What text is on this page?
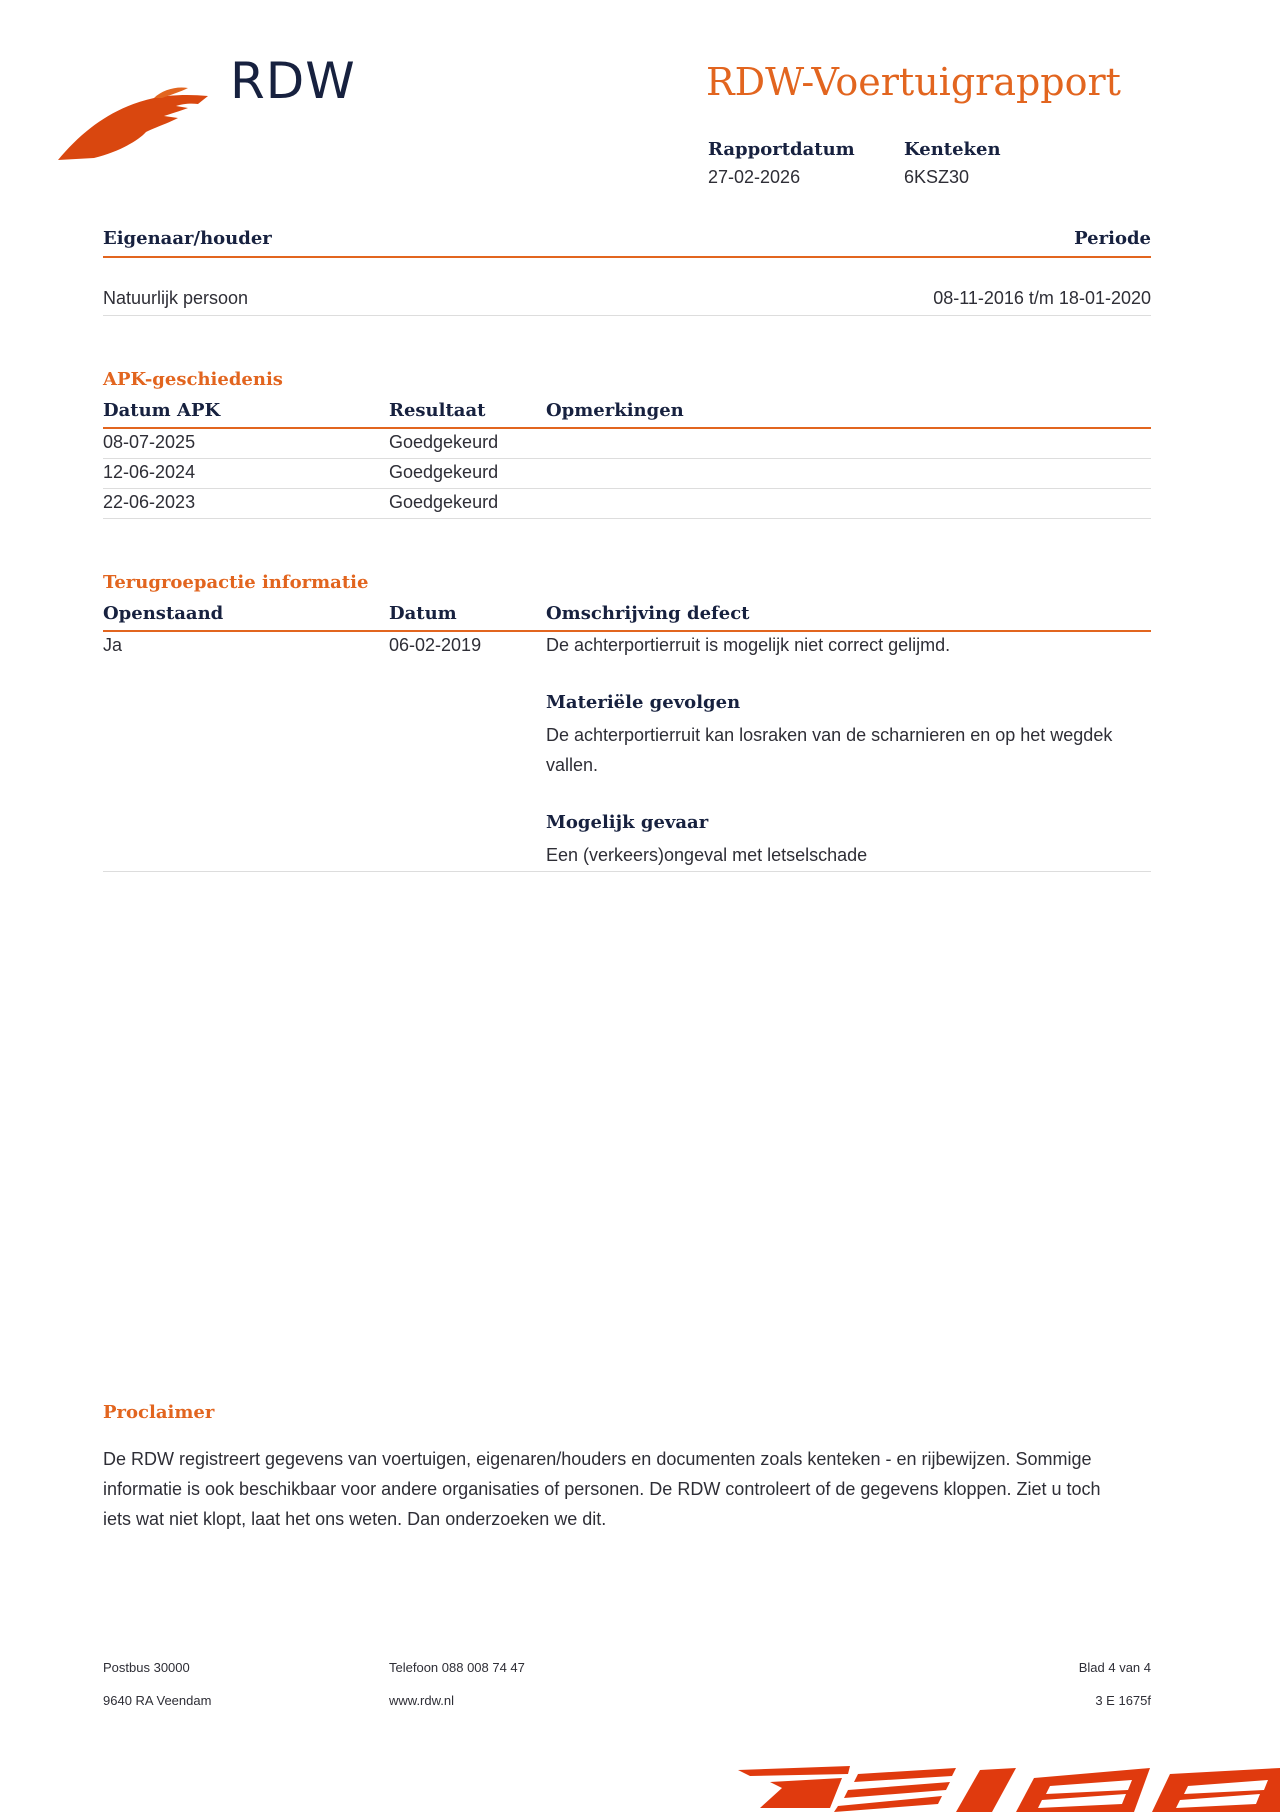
RDW	RDW-Voertuigrapport
Rapportdatum
27-02-2026
Kenteken
6KSZ30
Eigenaar/houder	Periode
Natuurlijk persoon	08-11-2016 t/m 18-01-2020
APK-geschiedenis
Datum APK	Resultaat	Opmerkingen
08-07-2025	Goedgekeurd
12-06-2024	Goedgekeurd
22-06-2023	Goedgekeurd
Terugroepactie informatie
Openstaand	Datum	Omschrijving defect
Ja	06-02-2019	De achterportierruit is mogelijk niet correct gelijmd.
Materiële gevolgen
De achterportierruit kan losraken van de scharnieren en op het wegdek vallen.
Mogelijk gevaar
Een (verkeers)ongeval met letselschade
Proclaimer
De RDW registreert gegevens van voertuigen, eigenaren/houders en documenten zoals kenteken - en rijbewijzen. Sommige informatie is ook beschikbaar voor andere organisaties of personen. De RDW controleert of de gegevens kloppen. Ziet u toch iets wat niet klopt, laat het ons weten. Dan onderzoeken we dit.
Postbus 30000
9640 RA Veendam
Telefoon 088 008 74 47
www.rdw.nl
Blad 4 van 4
3 E 1675f
